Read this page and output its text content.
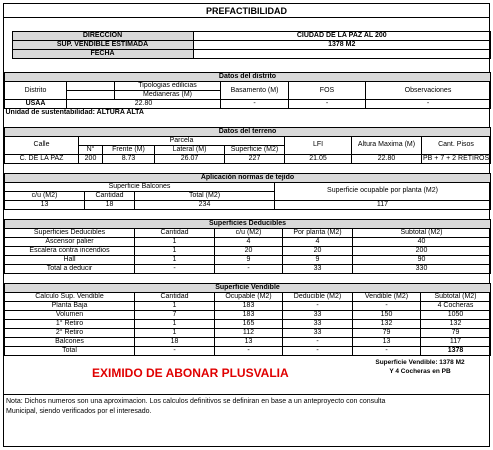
PREFACTIBILIDAD
	DIRECCION	CIUDAD DE LA PAZ AL 200
	SUP. VENDIBLE ESTIMADA	1378 M2
	FECHA	
Datos del distrito					
Distrito		Tipologias edilicias	Basamento (M)	FOS	Observaciones
		Medianeras (M)			
USAA	22.80		-	-	-
Unidad de sustentabilidad: ALTURA ALTA					
Datos del terreno							
Calle	Parcela				LFI	Altura Maxima (M)	Cant. Pisos
	N°	Frente (M)	Lateral (M)	Superficie (M2)			
C. DE LA PAZ	200	8.73	26.07	227	21.05	22.80	PB + 7 + 2 RETIROS
Aplicación normas de tejido			
Superficie Balcones			Superficie ocupable por planta (M2)
c/u (M2)	Cantidad	Total (M2)	
13	18	234	117
Superficies Deducibles				
Superficies Deducibles	Cantidad	c/u (M2)	Por planta (M2)	Subtotal (M2)
Ascensor palier	1	4	4	40
Escalera contra incendios	1	20	20	200
Hall	1	9	9	90
Total a deducir	-	-	33	330
Superficie Vendible					
Calculo Sup. Vendible	Cantidad	Ocupable (M2)	Deducible (M2)	Vendible (M2)	Subtotal (M2)
Planta Baja	1	183	-	-	4 Cocheras
Volumen	7	183	33	150	1050
1° Retiro	1	165	33	132	132
2° Retiro	1	112	33	79	79
Balcones	18	13	-	13	117
Total	-	-	-	-	1378
EXIMIDO DE ABONAR PLUSVALIA
Superficie Vendible: 1378 M2
Y 4 Cocheras en PB
Nota: Dichos numeros son una aproximacion. Los calculos definitivos se definiran en base a un anteproyecto con consulta
Municipal, siendo verificados por el interesado.
